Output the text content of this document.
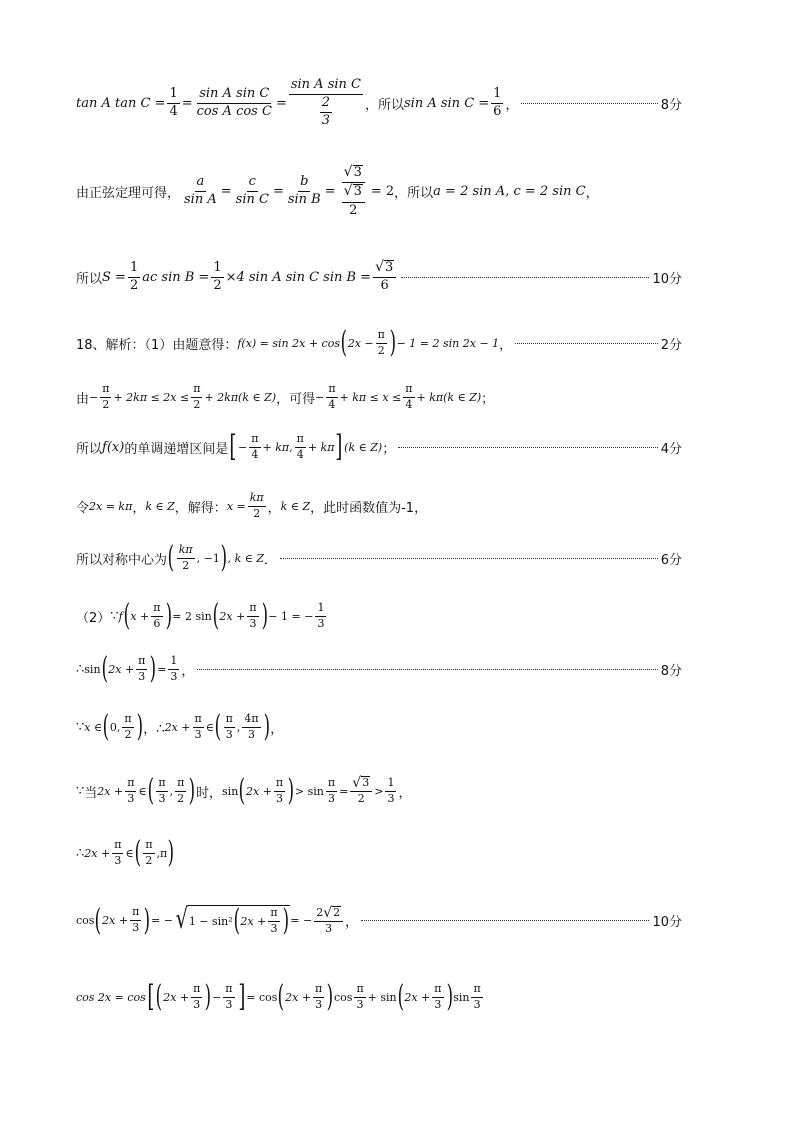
tan A $\tan C = \frac{1}{4} = \frac{\text{sin A sin C}}{\text{cos A cos C}} = \frac{\text{sin A sin C}}{\frac{2}{3}}$ ，所以 sin A $\sin C = \frac{1}{6}$ ，	8分
由正弦定理可得， $\frac{a}{\text{sin A}} = \frac{c}{\text{sin C}} = \frac{b}{\text{sin B}} = \frac{√ 3}{\frac{√ 3}{2}} = 2$ ，所以 a = 2 sin A, c = 2 sin C ，
所以 $S = \frac{1}{2}$ ac $\sin B = \frac{1}{2} \times 4$ sin A sin C $\sin B = \frac{√ 3}{6}$	10分
18、解析：（1）由题意得： f(x) = sin 2x + cos ( $2x - \frac{\pi}{2}$ ) − 1 = 2 sin 2x − 1 ，	2分
由 − $\frac{\pi}{2} + 2k\pi \le 2x \le \frac{\pi}{2} + 2k\pi(k$ ∈ Z) ，可得 − $\frac{\pi}{4} + k\pi \le x \le \frac{\pi}{4} + k\pi(k$ ∈ Z) ；
所以 f(x) 的单调递增区间是 [ − $\frac{\pi}{4} + k\pi$, $\frac{\pi}{4} + k\pi$ ] (k ∈ Z) ；	4分
令 2x = kπ ， k ∈ Z ，解得： $x = \frac{k\pi}{2}$ ， k ∈ Z ，此时函数值为-1，
所以对称中心为 ( $\frac{k\pi}{2}$ , −1 ) , k ∈ Z ．	6分
（2） ∵ f ( $x + \frac{\pi}{6}$ ) = 2 sin ( $2x + \frac{\pi}{3}$ ) − 1 = − $\frac{1}{3}$
∴ sin ( $2x + \frac{\pi}{3}$ ) = $\frac{1}{3}$ ，	8分
∵ x ∈ ( 0, $\frac{\pi}{2}$ ) ，∴ $2x + \frac{\pi}{3}$ ∈ ( $\frac{\pi}{3}$ , $\frac{4\pi}{3}$ ) ，
∵ 当 $2x + \frac{\pi}{3}$ ∈ ( $\frac{\pi}{3}$ , $\frac{\pi}{2}$ ) 时， sin ( $2x + \frac{\pi}{3}$ ) > $\sin \frac{\pi}{3} = \frac{√ 3}{2} > \frac{1}{3}$ ，
∴ $2x + \frac{\pi}{3}$ ∈ ( $\frac{\pi}{2} ,\pi$ )
cos ( $2x + \frac{\pi}{3}$ ) = − √ 1 − sin² ( $2x + \frac{\pi}{3}$ ) = − $\frac{2 √ 2}{3}$ ，	10分
cos 2x = cos [ ( $2x + \frac{\pi}{3}$ ) − $\frac{\pi}{3}$ ] = cos ( $2x + \frac{\pi}{3}$ ) $\cos \frac{\pi}{3} + \sin$ ( $2x + \frac{\pi}{3}$ ) $\sin \frac{\pi}{3}$
